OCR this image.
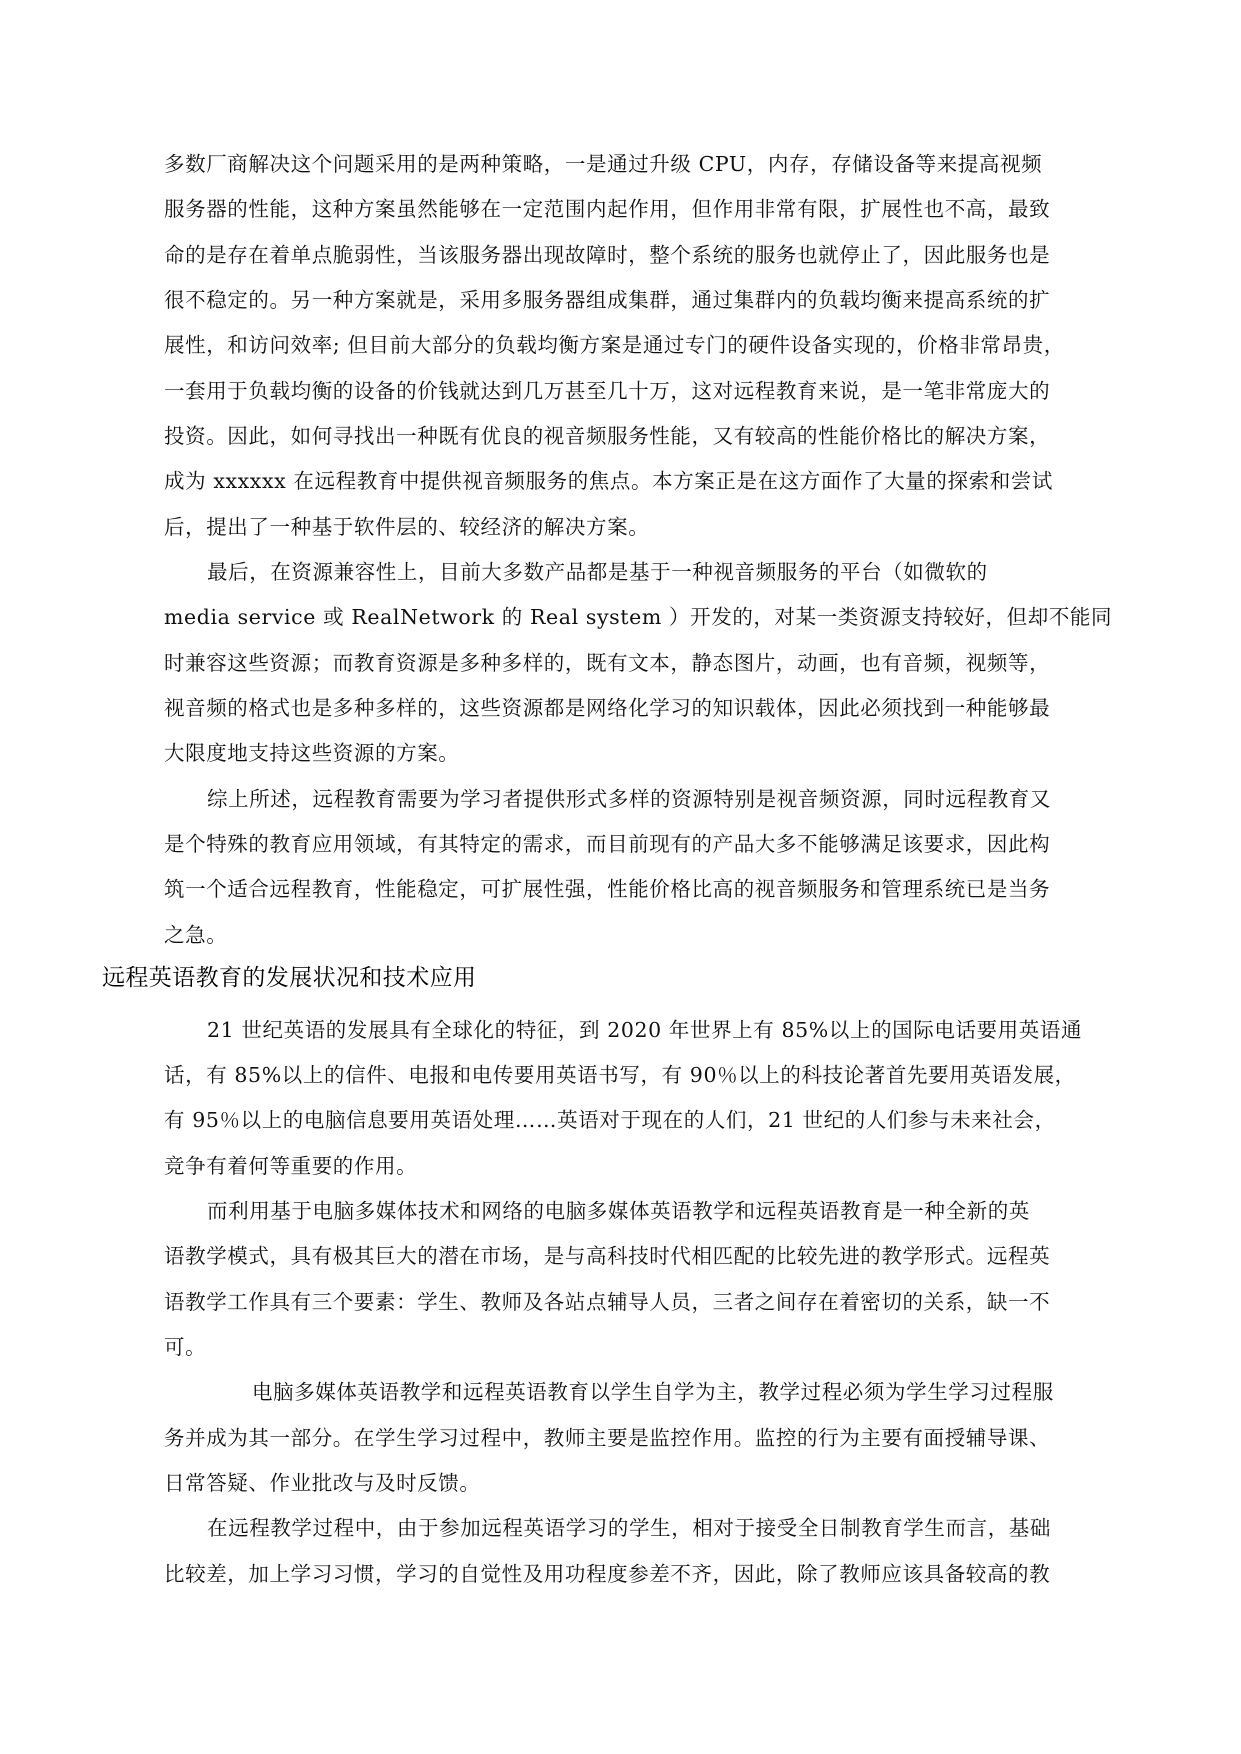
多数厂商解决这个问题采用的是两种策略，一是通过升级 CPU，内存，存储设备等来提高视频
服务器的性能，这种方案虽然能够在一定范围内起作用，但作用非常有限，扩展性也不高，最致
命的是存在着单点脆弱性，当该服务器出现故障时，整个系统的服务也就停止了，因此服务也是
很不稳定的。另一种方案就是，采用多服务器组成集群，通过集群内的负载均衡来提高系统的扩
展性，和访问效率; 但目前大部分的负载均衡方案是通过专门的硬件设备实现的，价格非常昂贵，
一套用于负载均衡的设备的价钱就达到几万甚至几十万，这对远程教育来说，是一笔非常庞大的
投资。因此，如何寻找出一种既有优良的视音频服务性能，又有较高的性能价格比的解决方案，
成为 xxxxxx 在远程教育中提供视音频服务的焦点。本方案正是在这方面作了大量的探索和尝试
后，提出了一种基于软件层的、较经济的解决方案。
最后，在资源兼容性上，目前大多数产品都是基于一种视音频服务的平台（如微软的
media service 或 RealNetwork 的 Real system ）开发的，对某一类资源支持较好，但却不能同
时兼容这些资源；而教育资源是多种多样的，既有文本，静态图片，动画，也有音频，视频等，
视音频的格式也是多种多样的，这些资源都是网络化学习的知识载体，因此必须找到一种能够最
大限度地支持这些资源的方案。
综上所述，远程教育需要为学习者提供形式多样的资源特别是视音频资源，同时远程教育又
是个特殊的教育应用领域，有其特定的需求，而目前现有的产品大多不能够满足该要求，因此构
筑一个适合远程教育，性能稳定，可扩展性强，性能价格比高的视音频服务和管理系统已是当务
之急。
远程英语教育的发展状况和技术应用
21 世纪英语的发展具有全球化的特征，到 2020 年世界上有 85%以上的国际电话要用英语通
话，有 85%以上的信件、电报和电传要用英语书写，有 90％以上的科技论著首先要用英语发展，
有 95％以上的电脑信息要用英语处理……英语对于现在的人们，21 世纪的人们参与未来社会，
竞争有着何等重要的作用。
而利用基于电脑多媒体技术和网络的电脑多媒体英语教学和远程英语教育是一种全新的英
语教学模式，具有极其巨大的潜在市场，是与高科技时代相匹配的比较先进的教学形式。远程英
语教学工作具有三个要素：学生、教师及各站点辅导人员，三者之间存在着密切的关系，缺一不
可。
电脑多媒体英语教学和远程英语教育以学生自学为主，教学过程必须为学生学习过程服
务并成为其一部分。在学生学习过程中，教师主要是监控作用。监控的行为主要有面授辅导课、
日常答疑、作业批改与及时反馈。
在远程教学过程中，由于参加远程英语学习的学生，相对于接受全日制教育学生而言，基础
比较差，加上学习习惯，学习的自觉性及用功程度参差不齐，因此，除了教师应该具备较高的教
